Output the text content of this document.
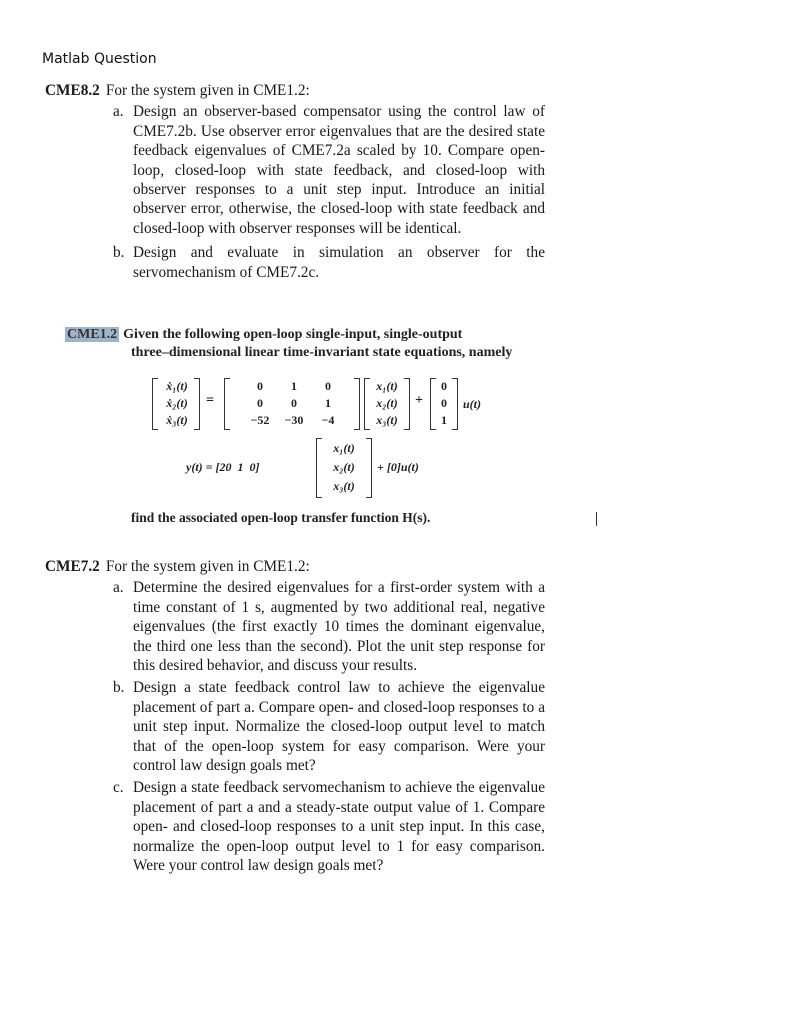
Matlab Question
CME8.2 For the system given in CME1.2:
a. Design an observer-based compensator using the control law of CME7.2b. Use observer error eigenvalues that are the desired state feedback eigenvalues of CME7.2a scaled by 10. Compare open-loop, closed-loop with state feedback, and closed-loop with observer responses to a unit step input. Introduce an initial observer error, otherwise, the closed-loop with state feedback and closed-loop with observer responses will be identical.
b. Design and evaluate in simulation an observer for the servomechanism of CME7.2c.
CME1.2 Given the following open-loop single-input, single-output
three–dimensional linear time-invariant state equations, namely
ẋ₁(t)
ẋ₂(t)
ẋ₃(t)
=
0	1	0
0	0	1
−52	−30	−4
x₁(t)
x₂(t)
x₃(t)
+
0
0
1
u(t)
y(t) = [20  1  0]
x₁(t)
x₂(t)
x₃(t)
+ [0]u(t)
find the associated open-loop transfer function H(s).
CME7.2 For the system given in CME1.2:
a. Determine the desired eigenvalues for a first-order system with a time constant of 1 s, augmented by two additional real, negative eigenvalues (the first exactly 10 times the dominant eigenvalue, the third one less than the second). Plot the unit step response for this desired behavior, and discuss your results.
b. Design a state feedback control law to achieve the eigenvalue placement of part a. Compare open- and closed-loop responses to a unit step input. Normalize the closed-loop output level to match that of the open-loop system for easy comparison. Were your control law design goals met?
c. Design a state feedback servomechanism to achieve the eigenvalue placement of part a and a steady-state output value of 1. Compare open- and closed-loop responses to a unit step input. In this case, normalize the open-loop output level to 1 for easy comparison. Were your control law design goals met?
